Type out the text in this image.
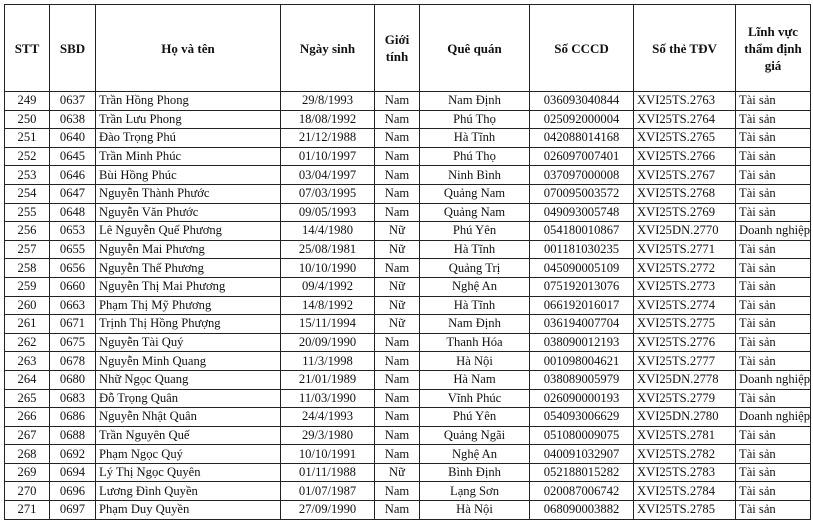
STT	SBD	Họ và tên	Ngày sinh	Giới tính	Quê quán	Số CCCD	Số thẻ TĐV	Lĩnh vực thẩm định giá
249	0637	Trần Hồng Phong	29/8/1993	Nam	Nam Định	036093040844	XVI25TS.2763	Tài sản
250	0638	Trần Lưu Phong	18/08/1992	Nam	Phú Thọ	025092000004	XVI25TS.2764	Tài sản
251	0640	Đào Trọng Phú	21/12/1988	Nam	Hà Tĩnh	042088014168	XVI25TS.2765	Tài sản
252	0645	Trần Minh Phúc	01/10/1997	Nam	Phú Thọ	026097007401	XVI25TS.2766	Tài sản
253	0646	Bùi Hồng Phúc	03/04/1997	Nam	Ninh Bình	037097000008	XVI25TS.2767	Tài sản
254	0647	Nguyễn Thành Phước	07/03/1995	Nam	Quảng Nam	070095003572	XVI25TS.2768	Tài sản
255	0648	Nguyễn Văn Phước	09/05/1993	Nam	Quảng Nam	049093005748	XVI25TS.2769	Tài sản
256	0653	Lê Nguyễn Quế Phương	14/4/1980	Nữ	Phú Yên	054180010867	XVI25DN.2770	Doanh nghiệp
257	0655	Nguyễn Mai Phương	25/08/1981	Nữ	Hà Tĩnh	001181030235	XVI25TS.2771	Tài sản
258	0656	Nguyễn Thế Phương	10/10/1990	Nam	Quảng Trị	045090005109	XVI25TS.2772	Tài sản
259	0660	Nguyễn Thị Mai Phương	09/4/1992	Nữ	Nghệ An	075192013076	XVI25TS.2773	Tài sản
260	0663	Phạm Thị Mỹ Phương	14/8/1992	Nữ	Hà Tĩnh	066192016017	XVI25TS.2774	Tài sản
261	0671	Trịnh Thị Hồng Phượng	15/11/1994	Nữ	Nam Định	036194007704	XVI25TS.2775	Tài sản
262	0675	Nguyễn Tài Quý	20/09/1990	Nam	Thanh Hóa	038090012193	XVI25TS.2776	Tài sản
263	0678	Nguyễn Minh Quang	11/3/1998	Nam	Hà Nội	001098004621	XVI25TS.2777	Tài sản
264	0680	Nhữ Ngọc Quang	21/01/1989	Nam	Hà Nam	038089005979	XVI25DN.2778	Doanh nghiệp
265	0683	Đỗ Trọng Quân	11/03/1990	Nam	Vĩnh Phúc	026090000193	XVI25TS.2779	Tài sản
266	0686	Nguyễn Nhật Quân	24/4/1993	Nam	Phú Yên	054093006629	XVI25DN.2780	Doanh nghiệp
267	0688	Trần Nguyên Quế	29/3/1980	Nam	Quảng Ngãi	051080009075	XVI25TS.2781	Tài sản
268	0692	Phạm Ngọc Quý	10/10/1991	Nam	Nghệ An	040091032907	XVI25TS.2782	Tài sản
269	0694	Lý Thị Ngọc Quyên	01/11/1988	Nữ	Bình Định	052188015282	XVI25TS.2783	Tài sản
270	0696	Lương Đình Quyền	01/07/1987	Nam	Lạng Sơn	020087006742	XVI25TS.2784	Tài sản
271	0697	Phạm Duy Quyền	27/09/1990	Nam	Hà Nội	068090003882	XVI25TS.2785	Tài sản
